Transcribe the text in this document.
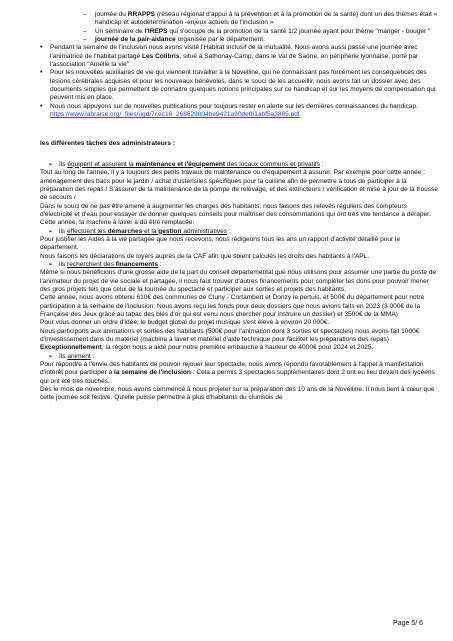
– journée du RRAPPS (réseau régional d'appui à la prévention et à la promotion de la santé) dont un des thèmes était « handicap et autodétermination -enjeux actuels de l'inclusion »
– Un séminaire de l'IREPS qui s'occupe de la promotion de la santé 1/2 journée ayant pour thème "manger - bouger "
– journée de la pair-aidance organisée par le département.
• Pendant la semaine de l'inclusion nous avons visité l'Habitat Inclusif de la mutualité. Nous avons aussi passé une journée avec l'animatrice de l'habitat partagé Les Colibris, situé à Sathonay-Camp, dans le Val de Saône, en périphérie lyonnaise, porté par l'association "Amélie la vie"
• Pour les nouvelles auxiliaires de vie qui viennent travailler à la Novelline, qui ne connaissant pas forcément les conséquences des lésions cérébrales acquises et pour les nouveaux bénévoles, dans le souci de les accueillir, nous avons fait un dossier avec des documents simples qui permettent de connaitre quelques notions principales sur ce handicap et sur les moyens de compensation qui peuvent mis en place.
• Nous nous appuyons sur de nouvelles publications pour toujours rester en alerte sur les dernières connaissances du handicap.
https://www.labraise.org/_files/ugd/7cec16_268629804be9421a90defb1abf5a3885.pdf
les différentes tâches des administrateurs :
➢ Ils équipent et assurent la maintenance et l'équipement des locaux communs et privatifs :

Tout au long de l'année, il y a toujours des petits travaux de maintenance ou d'équipement à assurer. Par exemple pour cette année :

aménagement des bacs pour le jardin / achat d'ustensiles spécifiques pour la cuisine afin de permettre à tous de participer à la préparation des repas / S'assurer de la maintenance de la pompe de relevage, et des extincteurs / vérification et mise à jour de la trousse de secours /

Dans le souci de ne pas être amené à augmenter les charges des habitants, nous faisons des relevés réguliers des compteurs d'électricité et d'eau pour essayer de donner quelques conseils pour maîtriser des consommations qui ont très vite tendance à déraper.

Cette année, la machine à laver a dû être remplacée.

➢ ils effectuent les démarches et la gestion administratives :

Pour justifier les Aides à la vie partagée que nous recevons, nous rédigeons tous les ans un rapport d'activité détaillé pour le département.

Nous faisons les déclarations de loyers auprès de la CAF afin que soient calculés les droits des habitants à l'APL.

➢ ils recherchent des financements :

Même si nous bénéficions d'une grosse aide de la part du conseil départemental que nous utilisons pour assumer une partie du poste de l'animateur du projet de vie sociale et partagée, il nous faut trouver d'autres financements pour compléter les dons pour pouvoir mener des gros projets tels que celui de la tournée du spectacle et participer aux sorties et projets des habitants.

Cette année, nous avons obtenu 610€ des communes de Cluny - Cortambert et Donzy le pertuis. et 500€ du département pour notre participation à la semaine de l'inclusion. Nous avons reçu les fonds pour deux dossiers que nous avions faits en 2023 (3 000€ de la Française des Jeux grâce au tabac des blés d'or qui est venu nous chercher pour instruire un dossier) et 3500€ de la MMA)

Pour vous donner un ordre d'idée, le budget global du projet musique s'est élevé à environ 20 000€.

Nous participons aux animations et sorties des habitants (500€ pour l'animation dont 3 sorties et spectacles) nous avons fait 1000€ d'investissement dans du matériel (machine à laver et matériel d'aide technique pour faciliter les préparations des repas)

Exceptionnellement, la région nous a aidé pour notre première embauche à hauteur de 4000€ pour 2024 et 2025.

➢ Ils animent :

Pour répondre à l'envie des habitants de pouvoir rejouer leur spectacle, nous avons répondu favorablement à l'appel à manifestation d'intérêt pour participer à la semaine de l'inclusion : Cela a permis 3 spectacles supplémentaires dont 2 ont eu lieu devant des lycéens qui ont été très touchés.

Dès le mois de novembre, nous avons commencé à nous projeter sur la préparation des 10 ans de la Novelline. Il nous tient à cœur que cette journée soit festive. Qu'elle puisse permettre à plus d'habitants du clunisois de

Page 5/ 6
